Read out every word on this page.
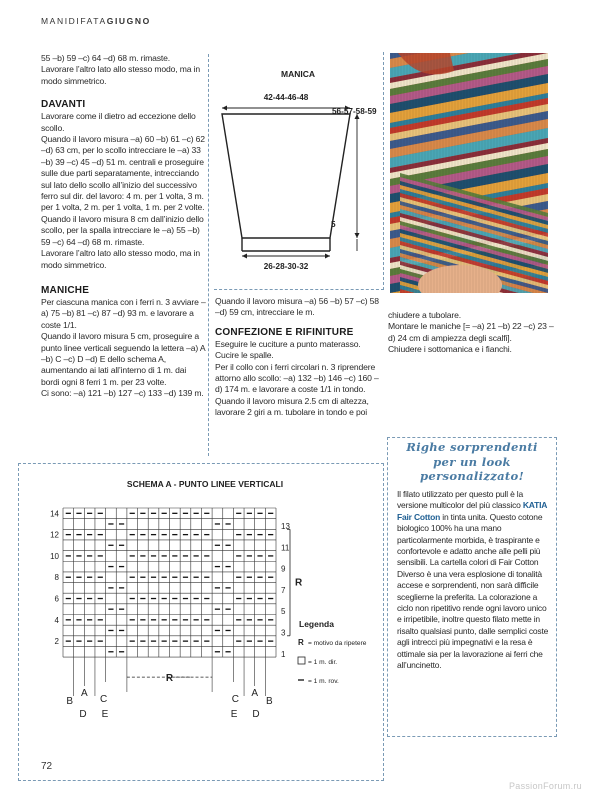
MANIDIFATAGIUGNO

55 –b) 59 –c) 64 –d) 68 m. rimaste.

Lavorare l’altro lato allo stesso modo, ma in modo simmetrico.

DAVANTI

Lavorare come il dietro ad eccezione dello scollo.

Quando il lavoro misura –a) 60 –b) 61 –c) 62 –d) 63 cm, per lo scollo intrecciare le –a) 33 –b) 39 –c) 45 –d) 51 m. centrali e proseguire sulle due parti separatamente, intrecciando sul lato dello scollo all’inizio del successivo ferro sul dir. del lavoro: 4 m. per 1 volta, 3 m. per 1 volta, 2 m. per 1 volta, 1 m. per 2 volte.

Quando il lavoro misura 8 cm dall’inizio dello scollo, per la spalla intrecciare le –a) 55 –b) 59 –c) 64 –d) 68 m. rimaste.

Lavorare l’altro lato allo stesso modo, ma in modo simmetrico.

MANICHE

Per ciascuna manica con i ferri n. 3 avviare –a) 75 –b) 81 –c) 87 –d) 93 m. e lavorare a coste 1/1.

Quando il lavoro misura 5 cm, proseguire a punto linee verticali seguendo la lettera –a) A –b) C –c) D –d) E dello schema A, aumentando ai lati all’interno di 1 m. dai bordi ogni 8 ferri 1 m. per 23 volte.

Ci sono: –a) 121 –b) 127 –c) 133 –d) 139 m.

MANICA
42-44-46-48
56-57-58-59
5
26-28-30-32

Quando il lavoro misura –a) 56 –b) 57 –c) 58 –d) 59 cm, intrecciare le m.

CONFEZIONE E RIFINITURE

Eseguire le cuciture a punto materasso.

Cucire le spalle.

Per il collo con i ferri circolari n. 3 riprendere attorno allo scollo: –a) 132 –b) 146 –c) 160 –d) 174 m. e lavorare a coste 1/1 in tondo.

Quando il lavoro misura 2.5 cm di altezza, lavorare 2 giri a m. tubolare in tondo e poi

chiudere a tubolare.

Montare le maniche [= –a) 21 –b) 22 –c) 23 –d) 24 cm di ampiezza degli scalfi].

Chiudere i sottomanica e i fianchi.

SCHEMA A - PUNTO LINEE VERTICALI
14
12
10
8
6
4
2
13
11
9
7
5
3
1
R
R
A
C	C
A
B	B
D E	E D
Legenda
R = motivo da ripetere
= 1 m. dir.
= 1 m. rov.
Righe sorprendenti
per un look
personalizzato!
Il filato utilizzato per questo pull è la versione multicolor del più classico KATIA Fair Cotton in tinta unita. Questo cotone biologico 100% ha una mano particolarmente morbida, è traspirante e confortevole e adatto anche alle pelli più sensibili. La cartella colori di Fair Cotton Diverso è una vera esplosione di tonalità accese e sorprendenti, non sarà difficile sceglierne la preferita. La colorazione a ciclo non ripetitivo rende ogni lavoro unico e irripetibile, inoltre questo filato mette in risalto qualsiasi punto, dalle semplici coste agli intrecci più impegnativi e la resa è ottimale sia per la lavorazione ai ferri che all’uncinetto.
72
PassionForum.ru
